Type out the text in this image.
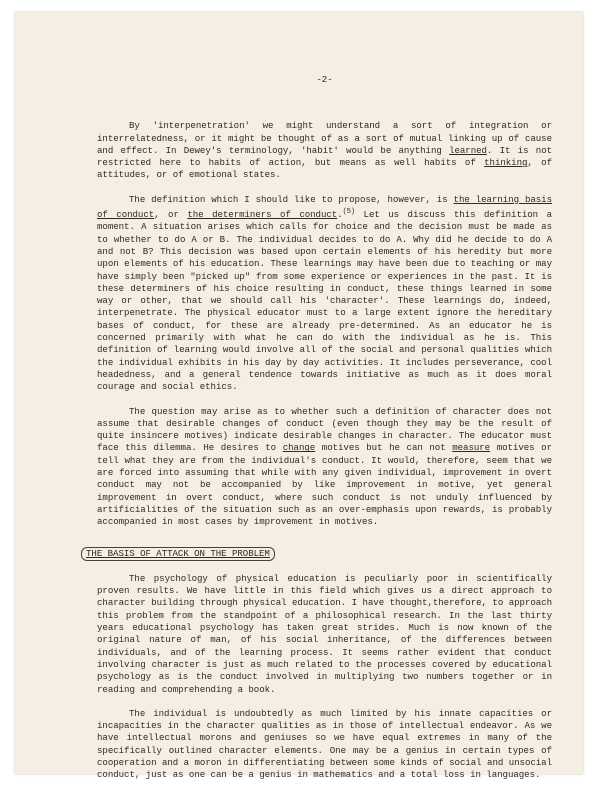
-2-

By 'interpenetration' we might understand a sort of integration or interrelatedness, or it might be thought of as a sort of mutual linking up of cause and effect. In Dewey's terminology, 'habit' would be anything learned. It is not restricted here to habits of action, but means as well habits of thinking, of attitudes, or of emotional states.

The definition which I should like to propose, however, is the learning basis of conduct, or the determiners of conduct.$^{(5)}$ Let us discuss this definition a moment. A situation arises which calls for choice and the decision must be made as to whether to do A or B. The individual decides to do A. Why did he decide to do A and not B? This decision was based upon certain elements of his heredity but more upon elements of his education. These learnings may have been due to teaching or may have simply been "picked up" from some experience or experiences in the past. It is these determiners of his choice resulting in conduct, these things learned in some way or other, that we should call his 'character'. These learnings do, indeed, interpenetrate. The physical educator must to a large extent ignore the hereditary bases of conduct, for these are already pre-determined. As an educator he is concerned primarily with what he can do with the individual as he is. This definition of learning would involve all of the social and personal qualities which the individual exhibits in his day by day activities. It includes perseverance, cool headedness, and a general tendence towards initiative as much as it does moral courage and social ethics.

The question may arise as to whether such a definition of character does not assume that desirable changes of conduct (even though they may be the result of quite insincere motives) indicate desirable changes in character. The educator must face this dilemma. He desires to change motives but he can not measure motives or tell what they are from the individual's conduct. It would, therefore, seem that we are forced into assuming that while with any given individual, improvement in overt conduct may not be accompanied by like improvement in motive, yet general improvement in overt conduct, where such conduct is not unduly influenced by artificialities of the situation such as an over-emphasis upon rewards, is probably accompanied in most cases by improvement in motives.

THE BASIS OF ATTACK ON THE PROBLEM

The psychology of physical education is peculiarly poor in scientifically proven results. We have little in this field which gives us a direct approach to character building through physical education. I have thought,therefore, to approach this problem from the standpoint of a philosophical research. In the last thirty years educational psychology has taken great strides. Much is now known of the original nature of man, of his social inheritance, of the differences between individuals, and of the learning process. It seems rather evident that conduct involving character is just as much related to the processes covered by educational psychology as is the conduct involved in multiplying two numbers together or in reading and comprehending a book.

The individual is undoubtedly as much limited by his innate capacities or incapacities in the character qualities as in those of intellectual endeavor. As we have intellectual morons and geniuses so we have equal extremes in many of the specifically outlined character elements. One may be a genius in certain types of cooperation and a moron in differentiating between some kinds of social and unsocial conduct, just as one can be a genius in mathematics and a total loss in languages.
